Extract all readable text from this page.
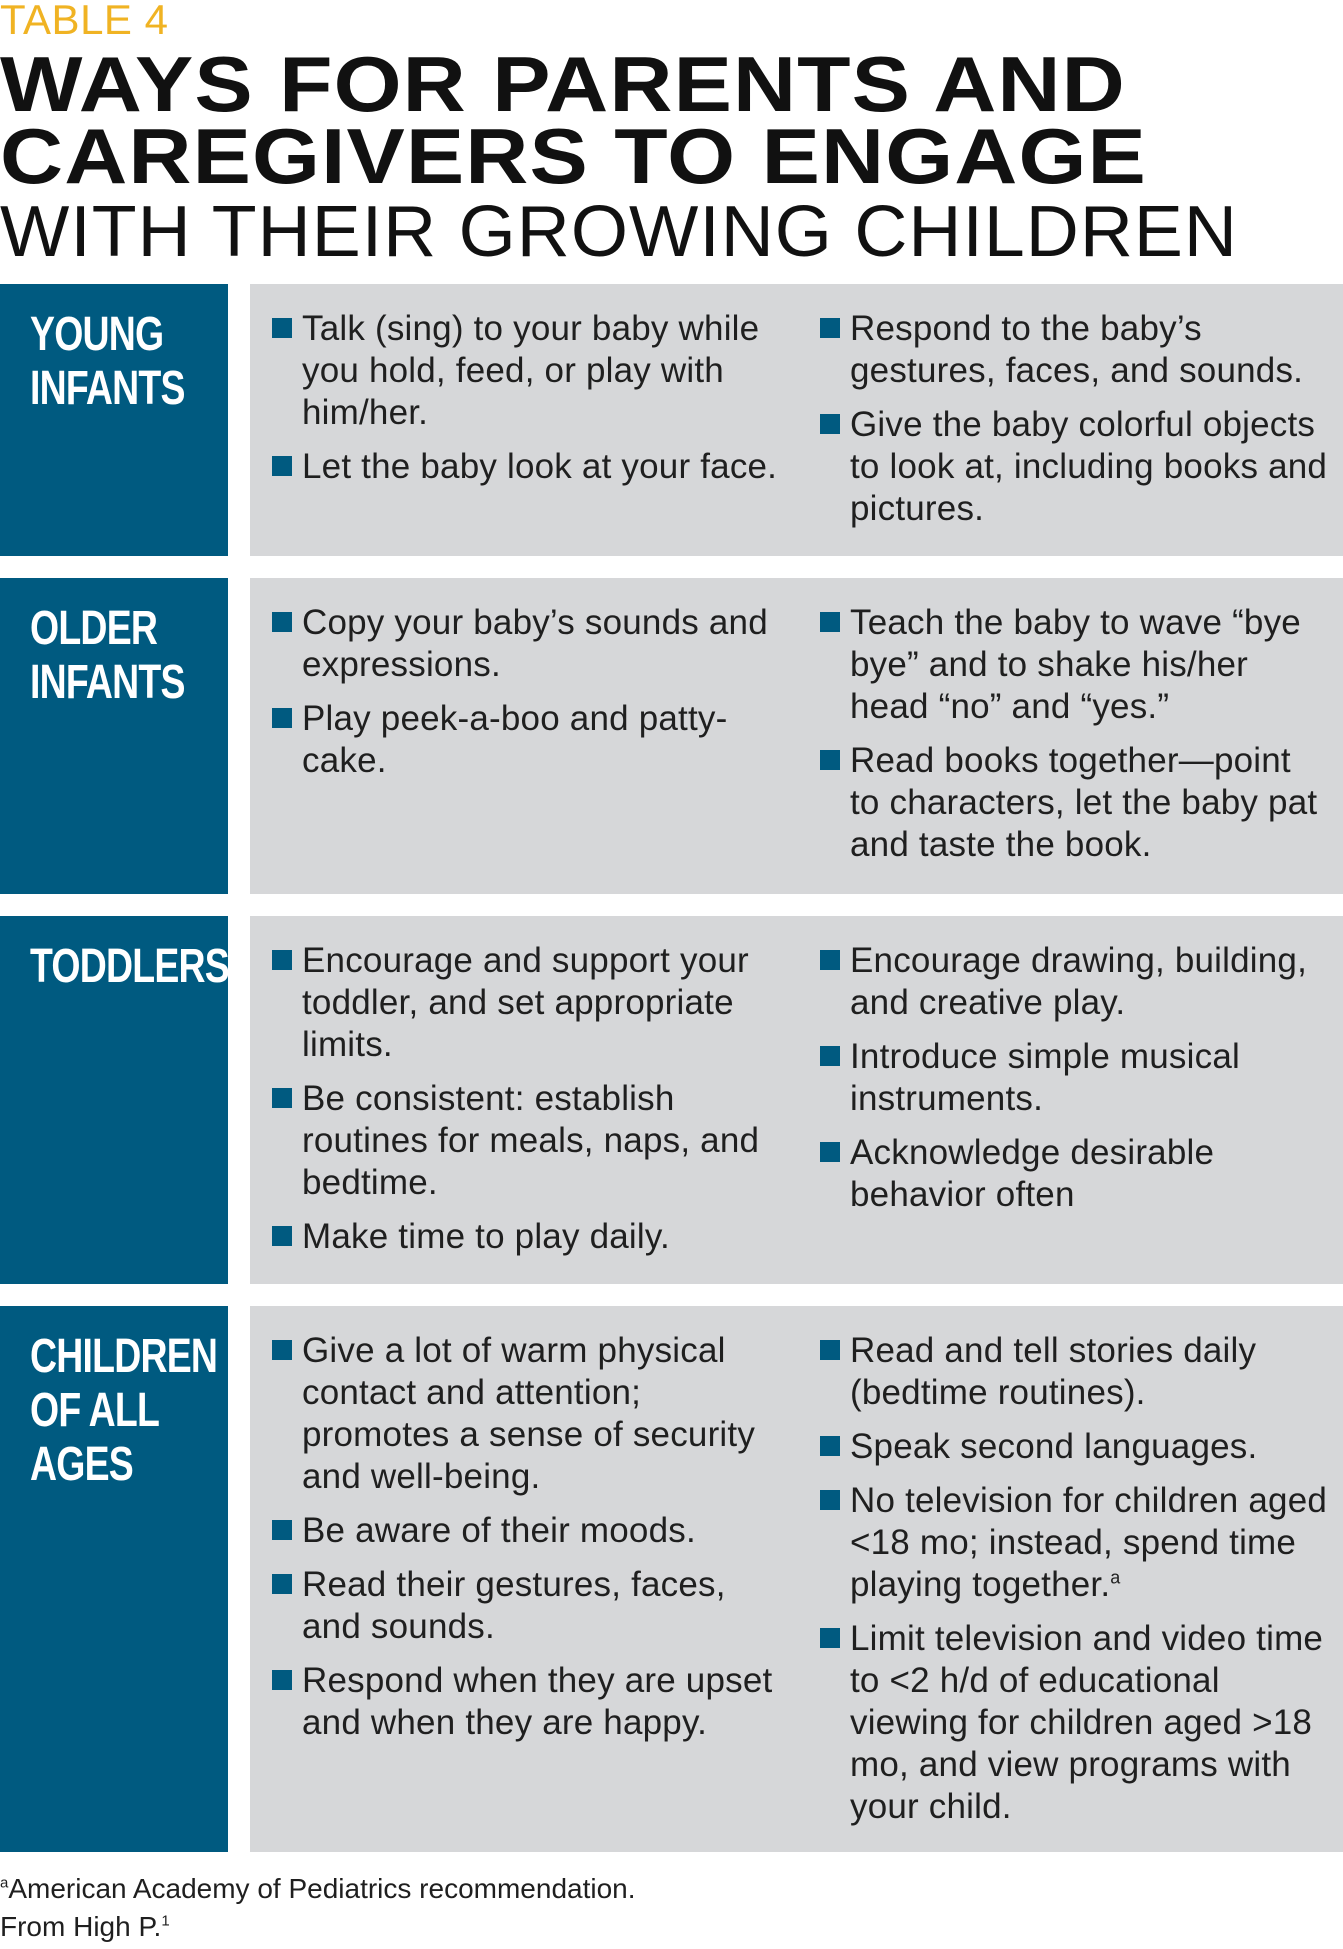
TABLE 4
WAYS FOR PARENTS AND
CAREGIVERS TO ENGAGE
WITH THEIR GROWING CHILDREN
YOUNG
INFANTS
Talk (sing) to your baby while you hold, feed, or play with him/her.
Let the baby look at your face.
Respond to the baby’s gestures, faces, and sounds.
Give the baby colorful objects to look at, including books and pictures.
OLDER
INFANTS
Copy your baby’s sounds and expressions.
Play peek-a-boo and patty-cake.
Teach the baby to wave “bye bye” and to shake his/her head “no” and “yes.”
Read books together—point to characters, let the baby pat and taste the book.
TODDLERS	Encourage and support your toddler, and set appropriate limits.
Be consistent: establish routines for meals, naps, and bedtime.
Make time to play daily.
Encourage drawing, building, and creative play.
Introduce simple musical instruments.
Acknowledge desirable behavior often
CHILDREN
OF ALL
AGES
Give a lot of warm physical contact and attention; promotes a sense of security and well-being.
Be aware of their moods.
Read their gestures, faces, and sounds.
Respond when they are upset and when they are happy.
Read and tell stories daily (bedtime routines).
Speak second languages.
No television for children aged <18 mo; instead, spend time playing together.$^a$
Limit television and video time to <2 h/d of educational viewing for children aged >18 mo, and view programs with your child.
$^a$American Academy of Pediatrics recommendation.
From High P.$^1$
